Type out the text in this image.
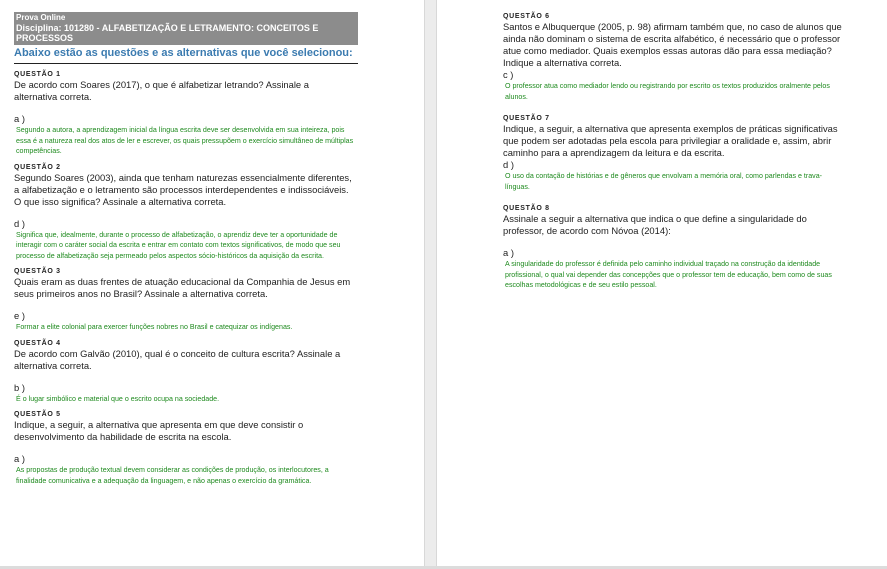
Prova Online
Disciplina: 101280 - ALFABETIZAÇÃO E LETRAMENTO: CONCEITOS E PROCESSOS
Abaixo estão as questões e as alternativas que você selecionou:
QUESTÃO 1
De acordo com Soares (2017), o que é alfabetizar letrando? Assinale a alternativa correta.
a )
Segundo a autora, a aprendizagem inicial da língua escrita deve ser desenvolvida em sua inteireza, pois essa é a natureza real dos atos de ler e escrever, os quais pressupõem o exercício simultâneo de múltiplas competências.
QUESTÃO 2
Segundo Soares (2003), ainda que tenham naturezas essencialmente diferentes, a alfabetização e o letramento são processos interdependentes e indissociáveis. O que isso significa? Assinale a alternativa correta.
d )
Significa que, idealmente, durante o processo de alfabetização, o aprendiz deve ter a oportunidade de interagir com o caráter social da escrita e entrar em contato com textos significativos, de modo que seu processo de alfabetização seja permeado pelos aspectos sócio-históricos da aquisição da escrita.
QUESTÃO 3
Quais eram as duas frentes de atuação educacional da Companhia de Jesus em seus primeiros anos no Brasil? Assinale a alternativa correta.
e )
Formar a elite colonial para exercer funções nobres no Brasil e catequizar os indígenas.
QUESTÃO 4
De acordo com Galvão (2010), qual é o conceito de cultura escrita? Assinale a alternativa correta.
b )
É o lugar simbólico e material que o escrito ocupa na sociedade.
QUESTÃO 5
Indique, a seguir, a alternativa que apresenta em que deve consistir o desenvolvimento da habilidade de escrita na escola.
a )
As propostas de produção textual devem considerar as condições de produção, os interlocutores, a finalidade comunicativa e a adequação da linguagem, e não apenas o exercício da gramática.
QUESTÃO 6
Santos e Albuquerque (2005, p. 98) afirmam também que, no caso de alunos que ainda não dominam o sistema de escrita alfabético, é necessário que o professor atue como mediador. Quais exemplos essas autoras dão para essa mediação? Indique a alternativa correta.
c )
O professor atua como mediador lendo ou registrando por escrito os textos produzidos oralmente pelos alunos.
QUESTÃO 7
Indique, a seguir, a alternativa que apresenta exemplos de práticas significativas que podem ser adotadas pela escola para privilegiar a oralidade e, assim, abrir caminho para a aprendizagem da leitura e da escrita.
d )
O uso da contação de histórias e de gêneros que envolvam a memória oral, como parlendas e trava-línguas.
QUESTÃO 8
Assinale a seguir a alternativa que indica o que define a singularidade do professor, de acordo com Nóvoa (2014):
a )
A singularidade do professor é definida pelo caminho individual traçado na construção da identidade profissional, o qual vai depender das concepções que o professor tem de educação, bem como de suas escolhas metodológicas e de seu estilo pessoal.
